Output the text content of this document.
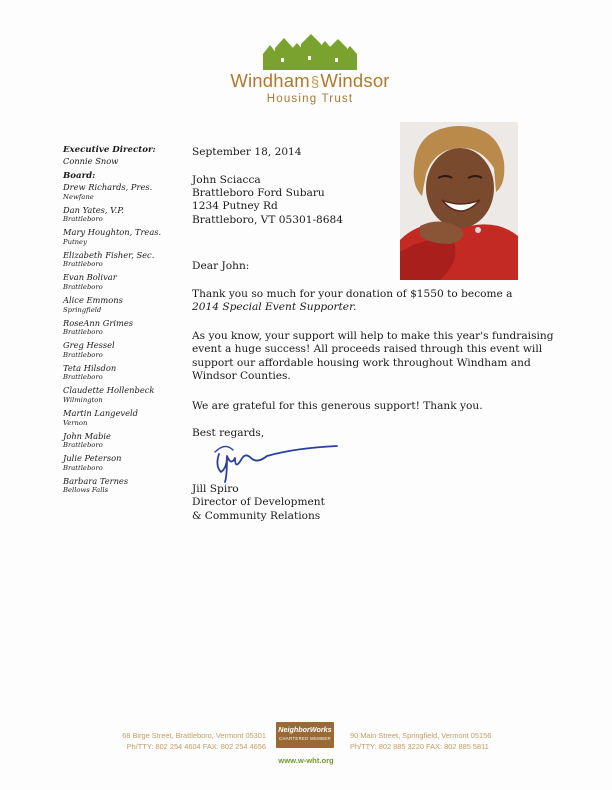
Windham§Windsor
Housing Trust
Executive Director:
Connie Snow
Board:
Drew Richards, Pres.
Newfane
Dan Yates, V.P.
Brattleboro
Mary Houghton, Treas.
Putney
Elizabeth Fisher, Sec.
Brattleboro
Evan Bolivar
Brattleboro
Alice Emmons
Springfield
RoseAnn Grimes
Brattleboro
Greg Hessel
Brattleboro
Teta Hilsdon
Brattleboro
Claudette Hollenbeck
Wilmington
Martin Langeveld
Vernon
John Mabie
Brattleboro
Julie Peterson
Brattleboro
Barbara Ternes
Bellows Falls
September 18, 2014
John Sciacca
Brattleboro Ford Subaru
1234 Putney Rd
Brattleboro, VT 05301-8684
Dear John:
Thank you so much for your donation of $1550 to become a
2014 Special Event Supporter.
As you know, your support will help to make this year's fundraising
event a huge success! All proceeds raised through this event will
support our affordable housing work throughout Windham and
Windsor Counties.
We are grateful for this generous support! Thank you.
Best regards,
Jill Spiro
Director of Development
& Community Relations
68 Birge Street, Brattleboro, Vermont 05301
Ph/TTY: 802 254 4604 FAX: 802 254 4656
NeighborWorks
CHARTERED MEMBER	90 Main Street, Springfield, Vermont 05156
Ph/TTY: 802 885 3220 FAX: 802 885 5811
www.w-wht.org
